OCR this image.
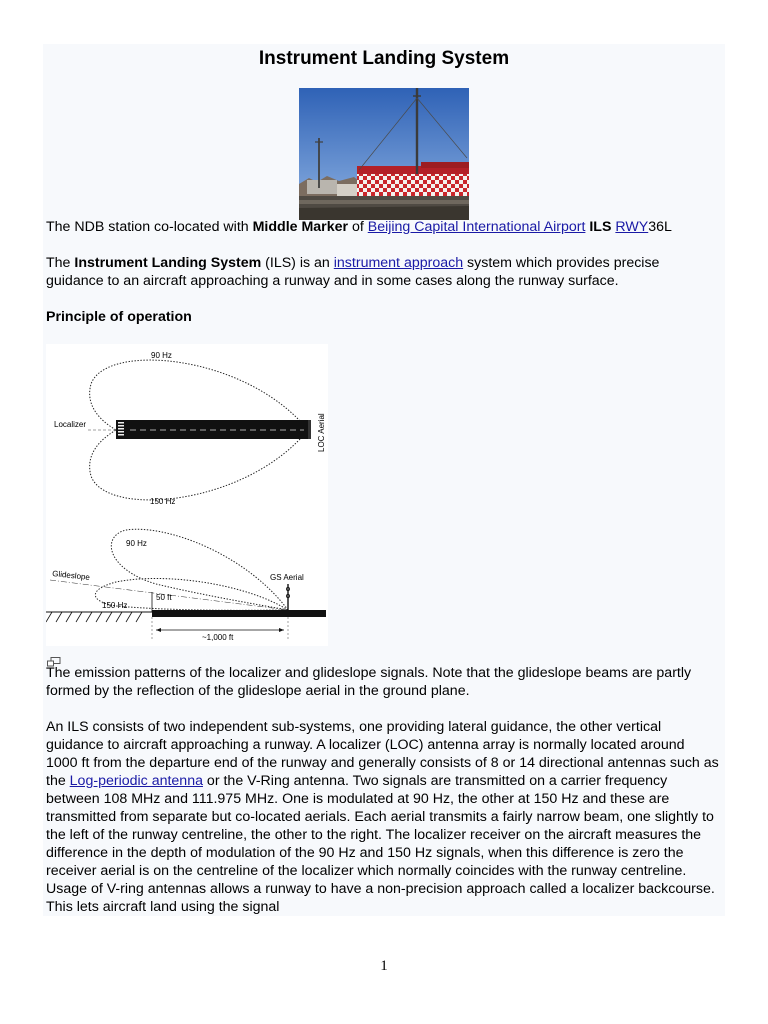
Instrument Landing System

The NDB station co-located with Middle Marker of Beijing Capital International Airport ILS RWY36L

The Instrument Landing System (ILS) is an instrument approach system which provides precise guidance to an aircraft approaching a runway and in some cases along the runway surface.

Principle of operation

90 Hz
150 Hz
Localizer	LOC Aerial
90 Hz
Glideslope	GS Aerial
150 Hz
50 ft
~1,000 ft

The emission patterns of the localizer and glideslope signals. Note that the glideslope beams are partly formed by the reflection of the glideslope aerial in the ground plane.

An ILS consists of two independent sub-systems, one providing lateral guidance, the other vertical guidance to aircraft approaching a runway. A localizer (LOC) antenna array is normally located around 1000 ft from the departure end of the runway and generally consists of 8 or 14 directional antennas such as the Log-periodic antenna or the V-Ring antenna. Two signals are transmitted on a carrier frequency between 108 MHz and 111.975 MHz. One is modulated at 90 Hz, the other at 150 Hz and these are transmitted from separate but co-located aerials. Each aerial transmits a fairly narrow beam, one slightly to the left of the runway centreline, the other to the right. The localizer receiver on the aircraft measures the difference in the depth of modulation of the 90 Hz and 150 Hz signals, when this difference is zero the receiver aerial is on the centreline of the localizer which normally coincides with the runway centreline. Usage of V-ring antennas allows a runway to have a non-precision approach called a localizer backcourse. This lets aircraft land using the signal

1
